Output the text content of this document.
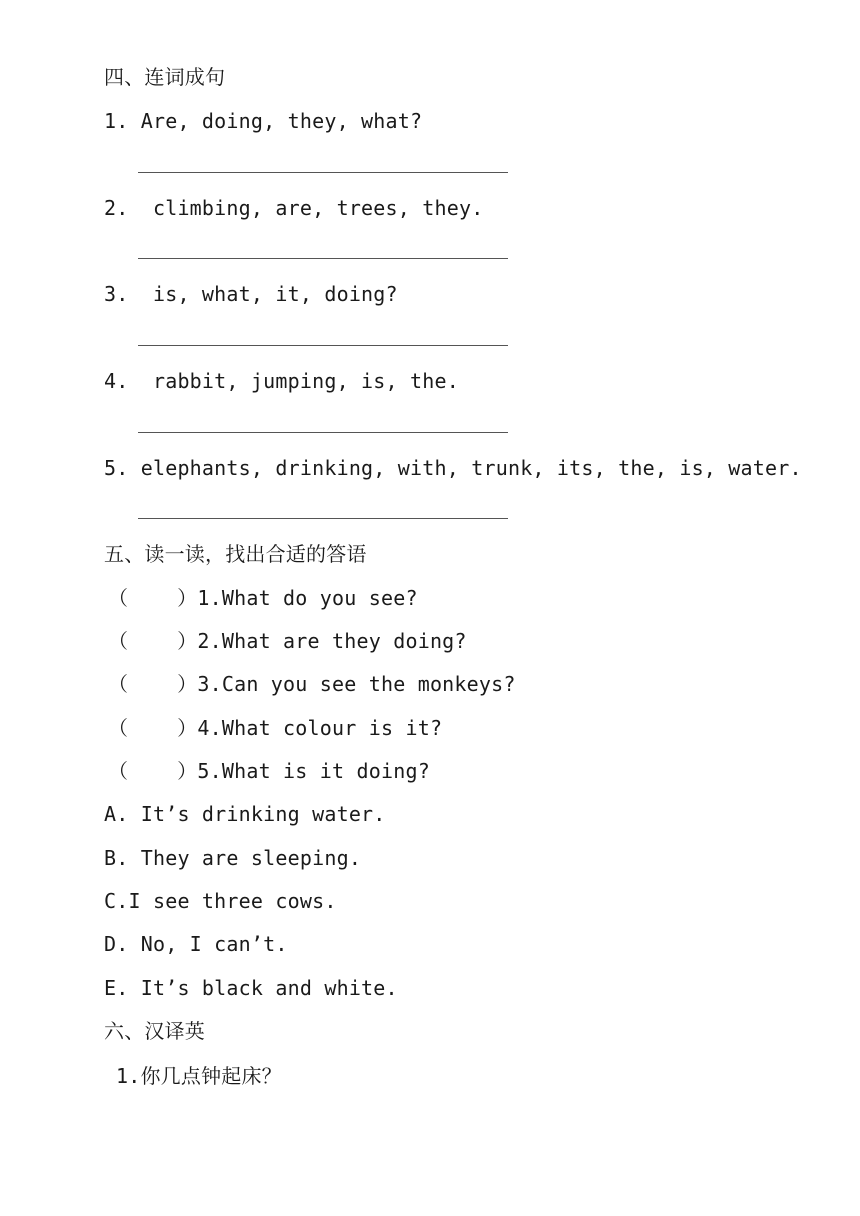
四、连词成句
1. Are, doing, they, what?
2.  climbing, are, trees, they.
3.  is, what, it, doing?
4.  rabbit, jumping, is, the.
5. elephants, drinking, with, trunk, its, the, is, water.
五、读一读，找出合适的答语
（    ）1.What do you see?
（    ）2.What are they doing?
（    ）3.Can you see the monkeys?
（    ）4.What colour is it?
（    ）5.What is it doing?
A. It’s drinking water.
B. They are sleeping.
C.I see three cows.
D. No, I can’t.
E. It’s black and white.
六、汉译英
1.你几点钟起床？
